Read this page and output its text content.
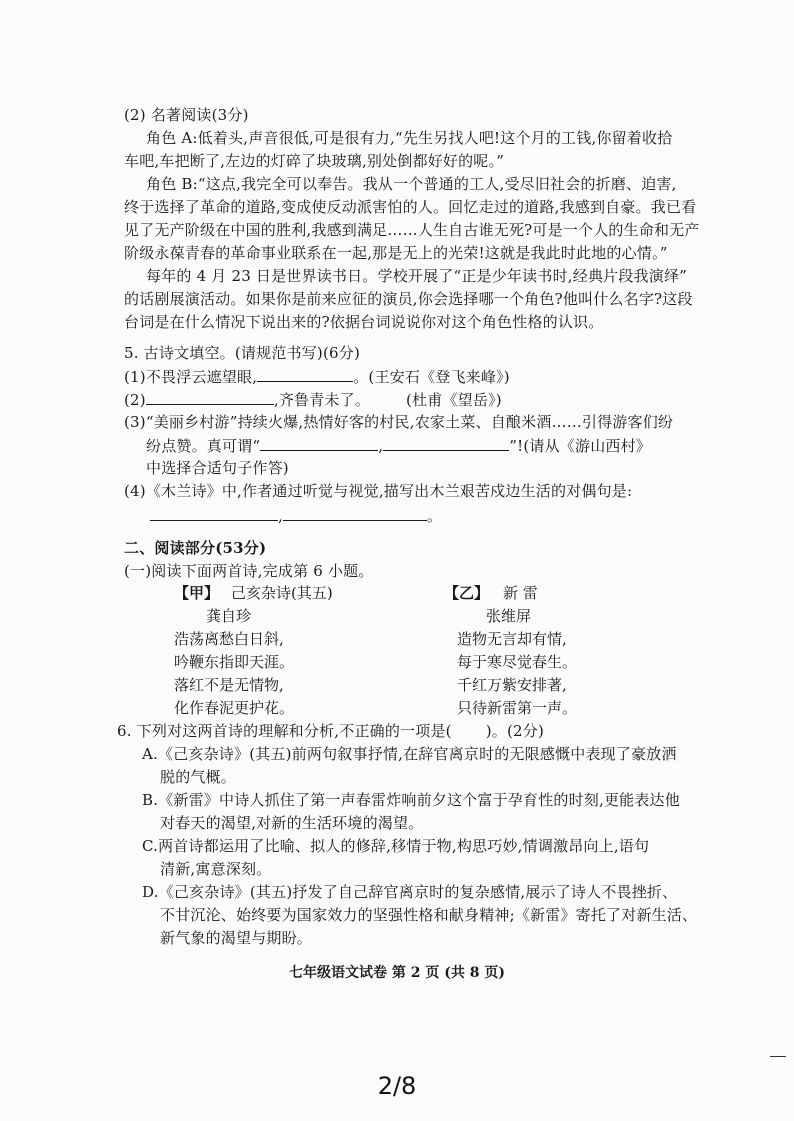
(2) 名著阅读(3分)
角色 A:低着头,声音很低,可是很有力,“先生另找人吧!这个月的工钱,你留着收拾
车吧,车把断了,左边的灯碎了块玻璃,别处倒都好好的呢。”
角色 B:“这点,我完全可以奉告。我从一个普通的工人,受尽旧社会的折磨、迫害,
终于选择了革命的道路,变成使反动派害怕的人。回忆走过的道路,我感到自豪。我已看
见了无产阶级在中国的胜利,我感到满足……人生自古谁无死?可是一个人的生命和无产
阶级永葆青春的革命事业联系在一起,那是无上的光荣!这就是我此时此地的心情。”
每年的 4 月 23 日是世界读书日。学校开展了“正是少年读书时,经典片段我演绎”
的话剧展演活动。如果你是前来应征的演员,你会选择哪一个角色?他叫什么名字?这段
台词是在什么情况下说出来的?依据台词说说你对这个角色性格的认识。
5. 古诗文填空。(请规范书写)(6分)
(1)不畏浮云遮望眼,	。(王安石《登飞来峰》)
(2)	,齐鲁青未了。 (杜甫《望岳》)
(3)“美丽乡村游”持续火爆,热情好客的村民,农家土菜、自酿米酒……引得游客们纷
纷点赞。真可谓“	,	”!(请从《游山西村》
中选择合适句子作答)
(4)《木兰诗》中,作者通过听觉与视觉,描写出木兰艰苦戍边生活的对偶句是:
,	。
二、阅读部分(53分)
(一)阅读下面两首诗,完成第 6 小题。
【甲】 己亥杂诗(其五)
龚自珍
浩荡离愁白日斜,
吟鞭东指即天涯。
落红不是无情物,
化作春泥更护花。
【乙】 新 雷
张维屏
造物无言却有情,
每于寒尽觉春生。
千红万紫安排著,
只待新雷第一声。
6. 下列对这两首诗的理解和分析,不正确的一项是( )。(2分)
A.《己亥杂诗》(其五)前两句叙事抒情,在辞官离京时的无限感慨中表现了豪放洒
脱的气概。
B.《新雷》中诗人抓住了第一声春雷炸响前夕这个富于孕育性的时刻,更能表达他
对春天的渴望,对新的生活环境的渴望。
C.两首诗都运用了比喻、拟人的修辞,移情于物,构思巧妙,情调激昂向上,语句
清新,寓意深刻。
D.《己亥杂诗》(其五)抒发了自己辞官离京时的复杂感情,展示了诗人不畏挫折、
不甘沉沦、始终要为国家效力的坚强性格和献身精神;《新雷》寄托了对新生活、
新气象的渴望与期盼。
七年级语文试卷 第 2 页 (共 8 页)
2/8
